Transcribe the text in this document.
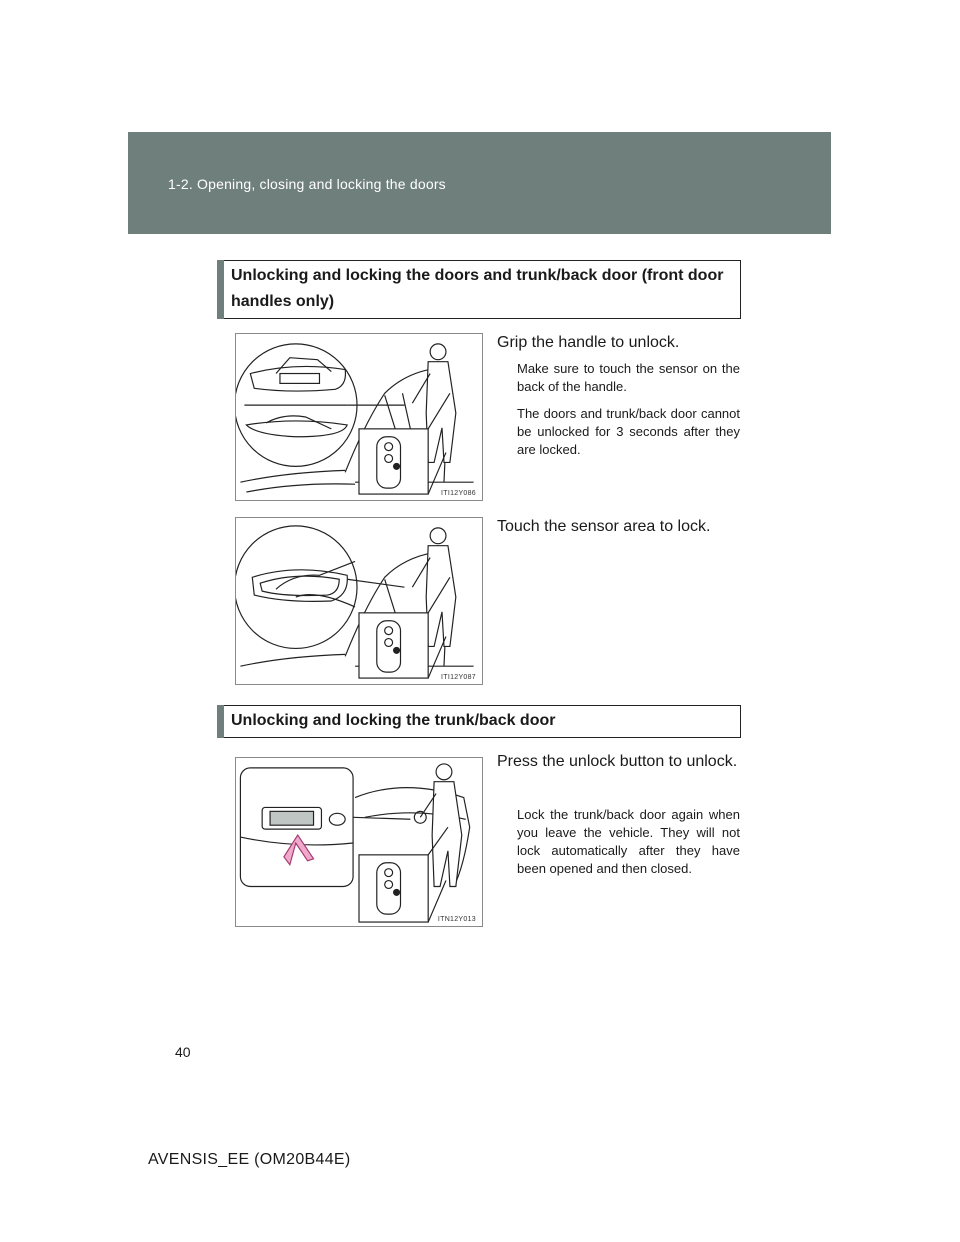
1-2. Opening, closing and locking the doors

Unlocking and locking the doors and trunk/back door (front door handles only)

ITI12Y086
Grip the handle to unlock.
Make sure to touch the sensor on the back of the handle.
The doors and trunk/back door cannot be unlocked for 3 seconds after they are locked.
ITI12Y087
Touch the sensor area to lock.

Unlocking and locking the trunk/back door

ITN12Y013
Press the unlock button to unlock.
Lock the trunk/back door again when you leave the vehicle. They will not lock automatically after they have been opened and then closed.
40
AVENSIS_EE (OM20B44E)
